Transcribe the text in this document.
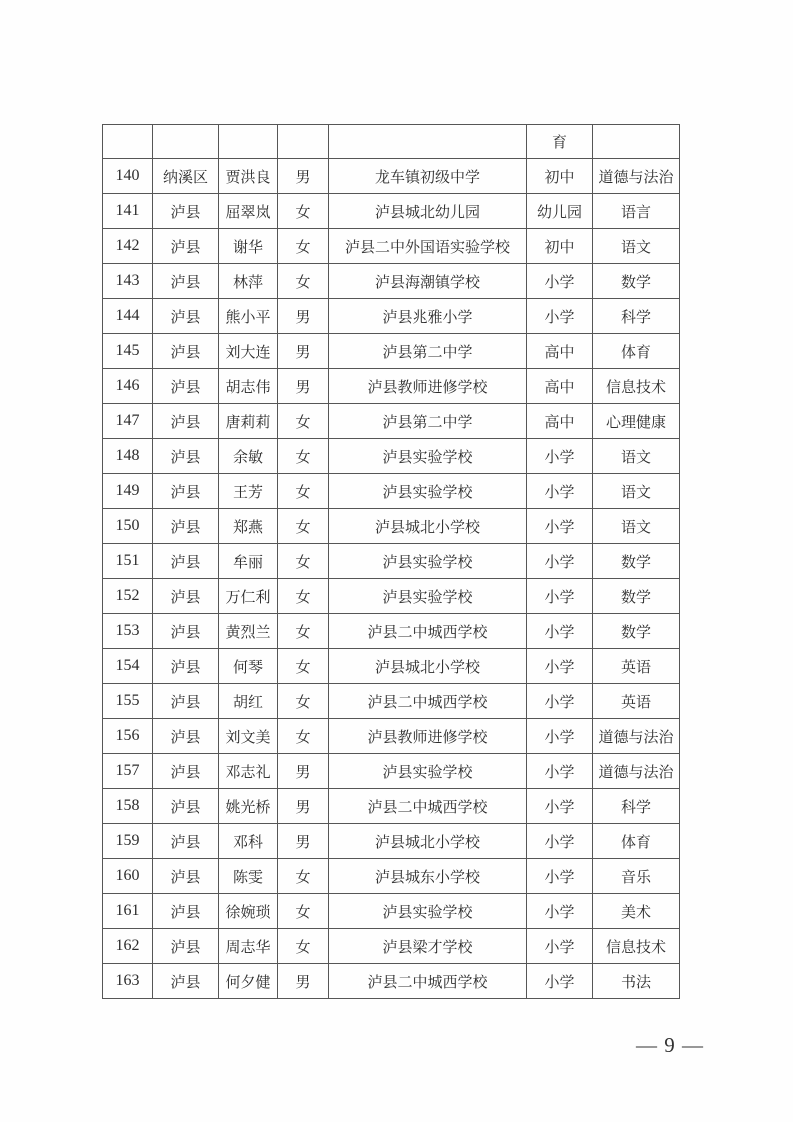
					育	
140	纳溪区	贾洪良	男	龙车镇初级中学	初中	道德与法治
141	泸县	屈翠岚	女	泸县城北幼儿园	幼儿园	语言
142	泸县	谢华	女	泸县二中外国语实验学校	初中	语文
143	泸县	林萍	女	泸县海潮镇学校	小学	数学
144	泸县	熊小平	男	泸县兆雅小学	小学	科学
145	泸县	刘大连	男	泸县第二中学	高中	体育
146	泸县	胡志伟	男	泸县教师进修学校	高中	信息技术
147	泸县	唐莉莉	女	泸县第二中学	高中	心理健康
148	泸县	余敏	女	泸县实验学校	小学	语文
149	泸县	王芳	女	泸县实验学校	小学	语文
150	泸县	郑燕	女	泸县城北小学校	小学	语文
151	泸县	牟丽	女	泸县实验学校	小学	数学
152	泸县	万仁利	女	泸县实验学校	小学	数学
153	泸县	黄烈兰	女	泸县二中城西学校	小学	数学
154	泸县	何琴	女	泸县城北小学校	小学	英语
155	泸县	胡红	女	泸县二中城西学校	小学	英语
156	泸县	刘文美	女	泸县教师进修学校	小学	道德与法治
157	泸县	邓志礼	男	泸县实验学校	小学	道德与法治
158	泸县	姚光桥	男	泸县二中城西学校	小学	科学
159	泸县	邓科	男	泸县城北小学校	小学	体育
160	泸县	陈雯	女	泸县城东小学校	小学	音乐
161	泸县	徐婉琐	女	泸县实验学校	小学	美术
162	泸县	周志华	女	泸县梁才学校	小学	信息技术
163	泸县	何夕健	男	泸县二中城西学校	小学	书法
— 9 —
